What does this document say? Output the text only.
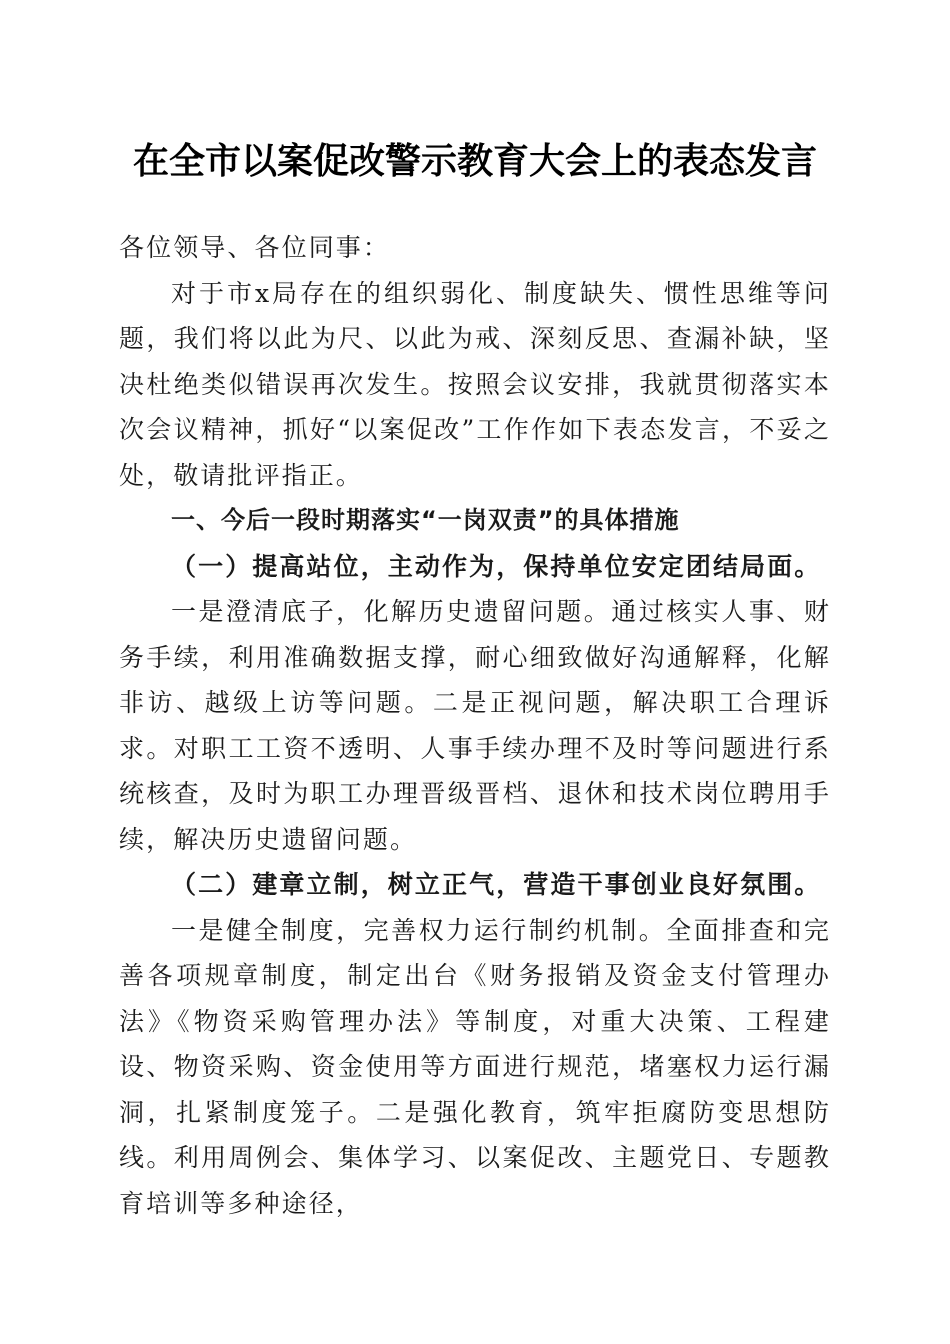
在全市以案促改警示教育大会上的表态发言

各位领导、各位同事：

对于市x局存在的组织弱化、制度缺失、惯性思维等问题，我们将以此为尺、以此为戒、深刻反思、查漏补缺，坚决杜绝类似错误再次发生。按照会议安排，我就贯彻落实本次会议精神，抓好“以案促改”工作作如下表态发言，不妥之处，敬请批评指正。

一、今后一段时期落实“一岗双责”的具体措施

（一）提高站位，主动作为，保持单位安定团结局面。

一是澄清底子，化解历史遗留问题。通过核实人事、财务手续，利用准确数据支撑，耐心细致做好沟通解释，化解非访、越级上访等问题。二是正视问题，解决职工合理诉求。对职工工资不透明、人事手续办理不及时等问题进行系统核查，及时为职工办理晋级晋档、退休和技术岗位聘用手续，解决历史遗留问题。

（二）建章立制，树立正气，营造干事创业良好氛围。

一是健全制度，完善权力运行制约机制。全面排查和完善各项规章制度，制定出台《财务报销及资金支付管理办法》《物资采购管理办法》等制度，对重大决策、工程建设、物资采购、资金使用等方面进行规范，堵塞权力运行漏洞，扎紧制度笼子。二是强化教育，筑牢拒腐防变思想防线。利用周例会、集体学习、以案促改、主题党日、专题教育培训等多种途径，
